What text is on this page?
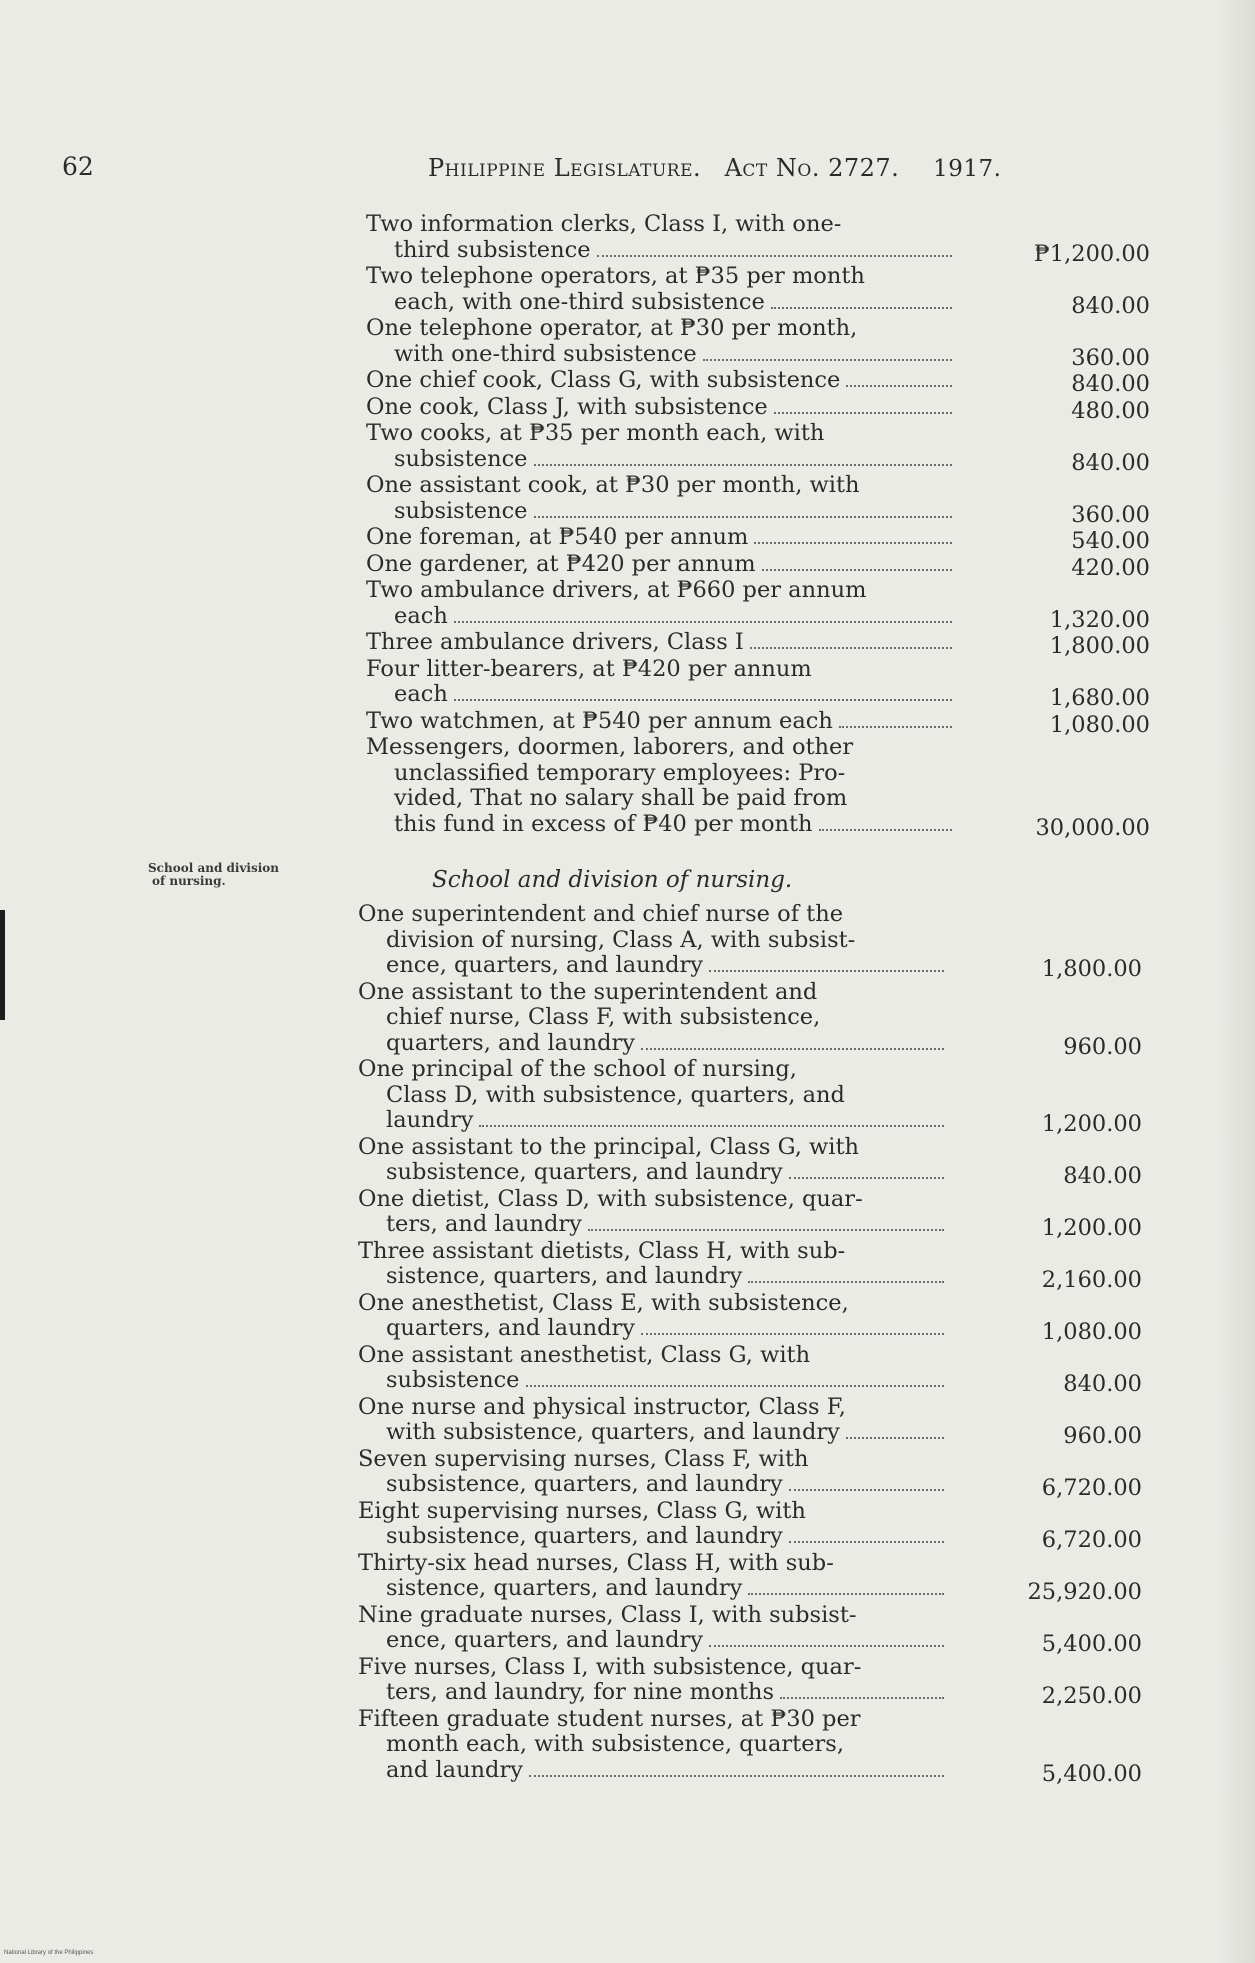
62	Philippine Legislature. Act No. 2727. 1917.
School and division
of nursing.	School and division of nursing.
Two information clerks, Class I, with one-
third subsistence	₱1,200.00
Two telephone operators, at ₱35 per month
each, with one-third subsistence	840.00
One telephone operator, at ₱30 per month,
with one-third subsistence	360.00
One chief cook, Class G, with subsistence	840.00
One cook, Class J, with subsistence	480.00
Two cooks, at ₱35 per month each, with
subsistence	840.00
One assistant cook, at ₱30 per month, with
subsistence	360.00
One foreman, at ₱540 per annum	540.00
One gardener, at ₱420 per annum	420.00
Two ambulance drivers, at ₱660 per annum
each	1,320.00
Three ambulance drivers, Class I	1,800.00
Four litter-bearers, at ₱420 per annum
each	1,680.00
Two watchmen, at ₱540 per annum each	1,080.00
Messengers, doormen, laborers, and other
unclassified temporary employees: Pro-
vided, That no salary shall be paid from
this fund in excess of ₱40 per month	30,000.00
One superintendent and chief nurse of the
division of nursing, Class A, with subsist-
ence, quarters, and laundry	1,800.00
One assistant to the superintendent and
chief nurse, Class F, with subsistence,
quarters, and laundry	960.00
One principal of the school of nursing,
Class D, with subsistence, quarters, and
laundry	1,200.00
One assistant to the principal, Class G, with
subsistence, quarters, and laundry	840.00
One dietist, Class D, with subsistence, quar-
ters, and laundry	1,200.00
Three assistant dietists, Class H, with sub-
sistence, quarters, and laundry	2,160.00
One anesthetist, Class E, with subsistence,
quarters, and laundry	1,080.00
One assistant anesthetist, Class G, with
subsistence	840.00
One nurse and physical instructor, Class F,
with subsistence, quarters, and laundry	960.00
Seven supervising nurses, Class F, with
subsistence, quarters, and laundry	6,720.00
Eight supervising nurses, Class G, with
subsistence, quarters, and laundry	6,720.00
Thirty-six head nurses, Class H, with sub-
sistence, quarters, and laundry	25,920.00
Nine graduate nurses, Class I, with subsist-
ence, quarters, and laundry	5,400.00
Five nurses, Class I, with subsistence, quar-
ters, and laundry, for nine months	2,250.00
Fifteen graduate student nurses, at ₱30 per
month each, with subsistence, quarters,
and laundry	5,400.00
National Library of the Philippines
